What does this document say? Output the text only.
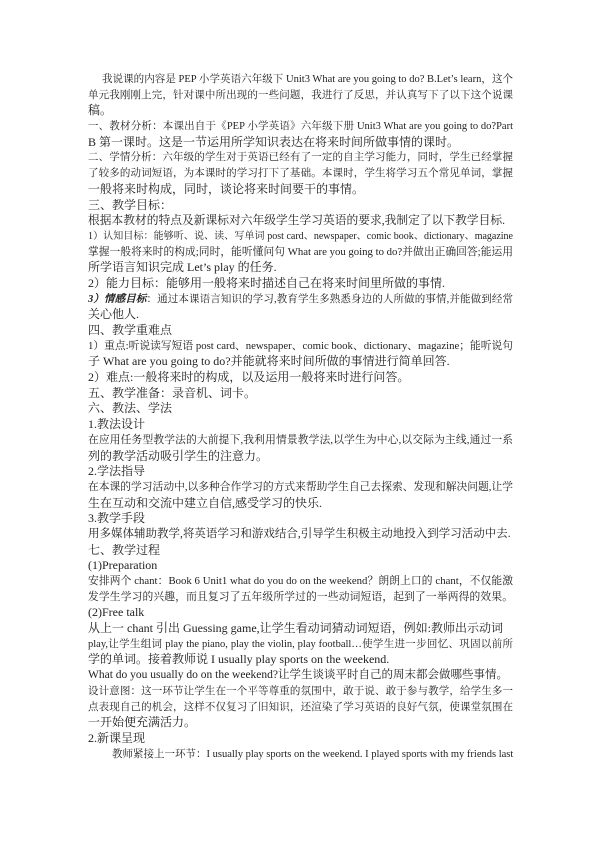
我说课的内容是 PEP 小学英语六年级下 Unit3 What are you going to do? B.Let’s learn，这个
单元我刚刚上完，针对课中所出现的一些问题，我进行了反思，并认真写下了以下这个说课
稿。
一、教材分析：本课出自于《PEP 小学英语》六年级下册 Unit3 What are you going to do?Part
B 第一课时。这是一节运用所学知识表达在将来时间所做事情的课时。
二、学情分析：六年级的学生对于英语已经有了一定的自主学习能力，同时，学生已经掌握
了较多的动词短语，为本课时的学习打下了基础。本课时，学生将学习五个常见单词，掌握
一般将来时构成，同时，谈论将来时间要干的事情。
三、教学目标：
根据本教材的特点及新课标对六年级学生学习英语的要求,我制定了以下教学目标.
1）认知目标：能够听、说、读、写单词 post card、newspaper、comic book、dictionary、magazine
掌握一般将来时的构成;同时，能听懂问句 What are you going to do?并做出正确回答;能运用
所学语言知识完成 Let’s play 的任务.
2）能力目标：能够用一般将来时描述自己在将来时间里所做的事情.
3）情感目标：通过本课语言知识的学习,教育学生多熟悉身边的人所做的事情,并能做到经常
关心他人.
四、教学重难点
1）重点:听说读写短语 post card、newspaper、comic book、dictionary、magazine；能听说句
子 What are you going to do?并能就将来时间所做的事情进行简单回答.
2）难点:一般将来时的构成，以及运用一般将来时进行问答。
五、教学准备：录音机、词卡。
六、教法、学法
1.教法设计
在应用任务型教学法的大前提下,我利用情景教学法,以学生为中心,以交际为主线,通过一系
列的教学活动吸引学生的注意力。
2.学法指导
在本课的学习活动中,以多种合作学习的方式来帮助学生自己去探索、发现和解决问题,让学
生在互动和交流中建立自信,感受学习的快乐.
3.教学手段
用多媒体辅助教学,将英语学习和游戏结合,引导学生积极主动地投入到学习活动中去.
七、教学过程
(1)Preparation
安排两个 chant：Book 6 Unit1 what do you do on the weekend？朗朗上口的 chant，不仅能激
发学生学习的兴趣，而且复习了五年级所学过的一些动词短语，起到了一举两得的效果。
(2)Free talk
从上一 chant 引出 Guessing game,让学生看动词猜动词短语，例如:教师出示动词
play,让学生组词 play the piano, play the violin, play football…使学生进一步回忆、巩固以前所
学的单词。接着教师说 I usually play sports on the weekend.
What do you usually do on the weekend?让学生谈谈平时自己的周末都会做哪些事情。
设计意图：这一环节让学生在一个平等尊重的氛围中，敢于说、敢于参与教学，给学生多一
点表现自己的机会，这样不仅复习了旧知识，还渲染了学习英语的良好气氛，使课堂氛围在
一开始便充满活力。
2.新课呈现
教师紧接上一环节：I usually play sports on the weekend. I played sports with my friends last
